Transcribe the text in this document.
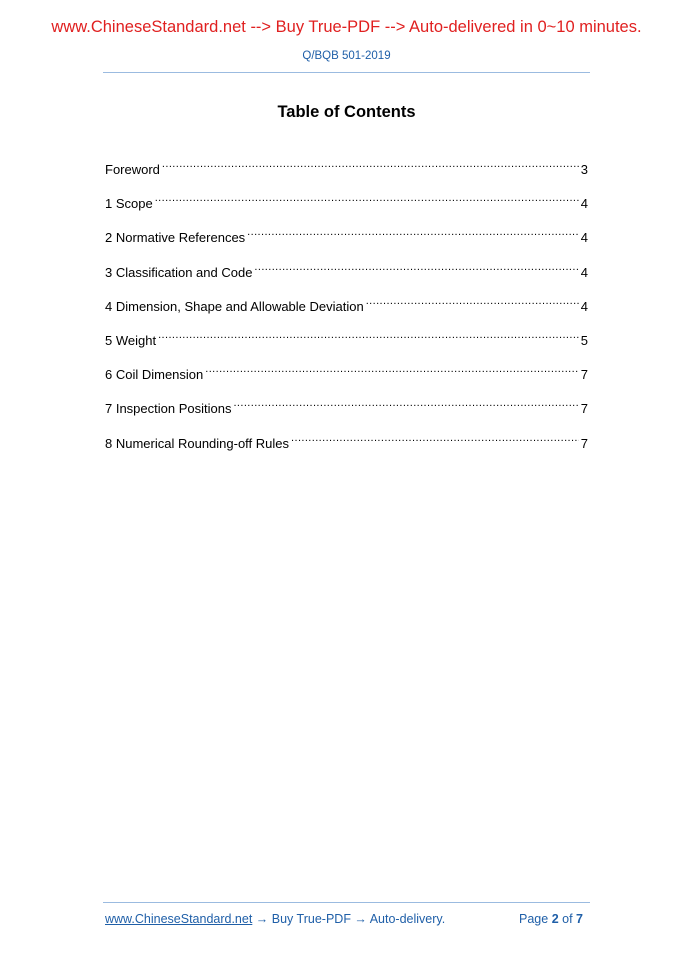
www.ChineseStandard.net --> Buy True-PDF --> Auto-delivered in 0~10 minutes.
Q/BQB 501-2019
Table of Contents
Foreword .....	3
1 Scope .....	4
2 Normative References .....	4
3 Classification and Code .....	4
4 Dimension, Shape and Allowable Deviation .....	4
5 Weight .....	5
6 Coil Dimension .....	7
7 Inspection Positions .....	7
8 Numerical Rounding-off Rules .....	7
www.ChineseStandard.net → Buy True-PDF → Auto-delivery.	Page 2 of 7
